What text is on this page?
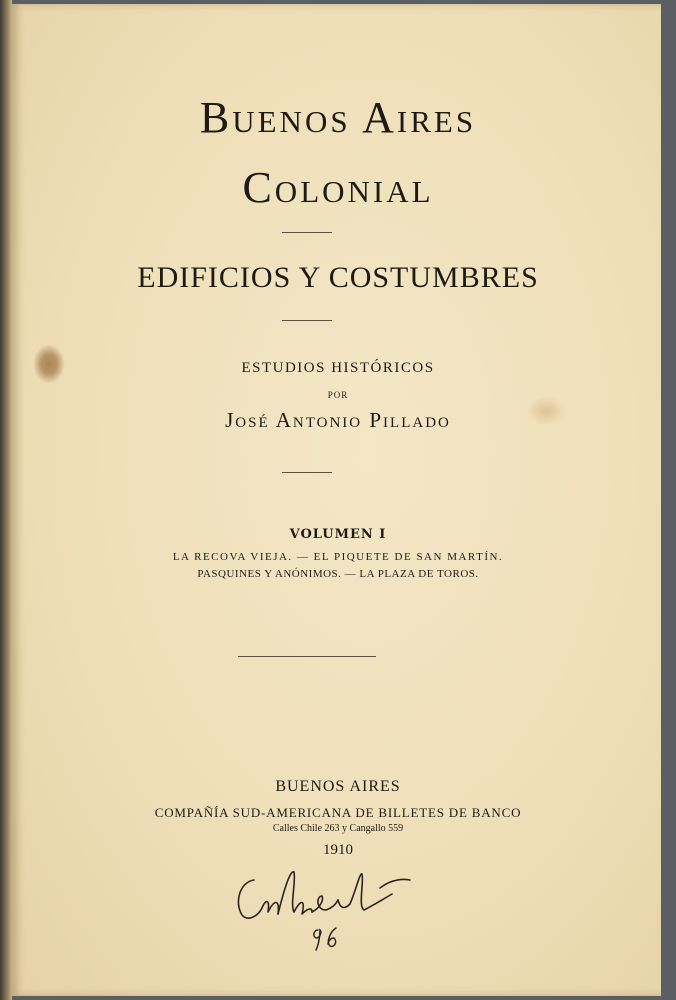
Buenos Aires
Colonial
EDIFICIOS Y COSTUMBRES
ESTUDIOS HISTÓRICOS
POR
José Antonio Pillado
VOLUMEN I
LA RECOVA VIEJA. — EL PIQUETE DE SAN MARTÍN.
PASQUINES Y ANÓNIMOS. — LA PLAZA DE TOROS.
BUENOS AIRES
COMPAÑÍA SUD-AMERICANA DE BILLETES DE BANCO
Calles Chile 263 y Cangallo 559
1910
